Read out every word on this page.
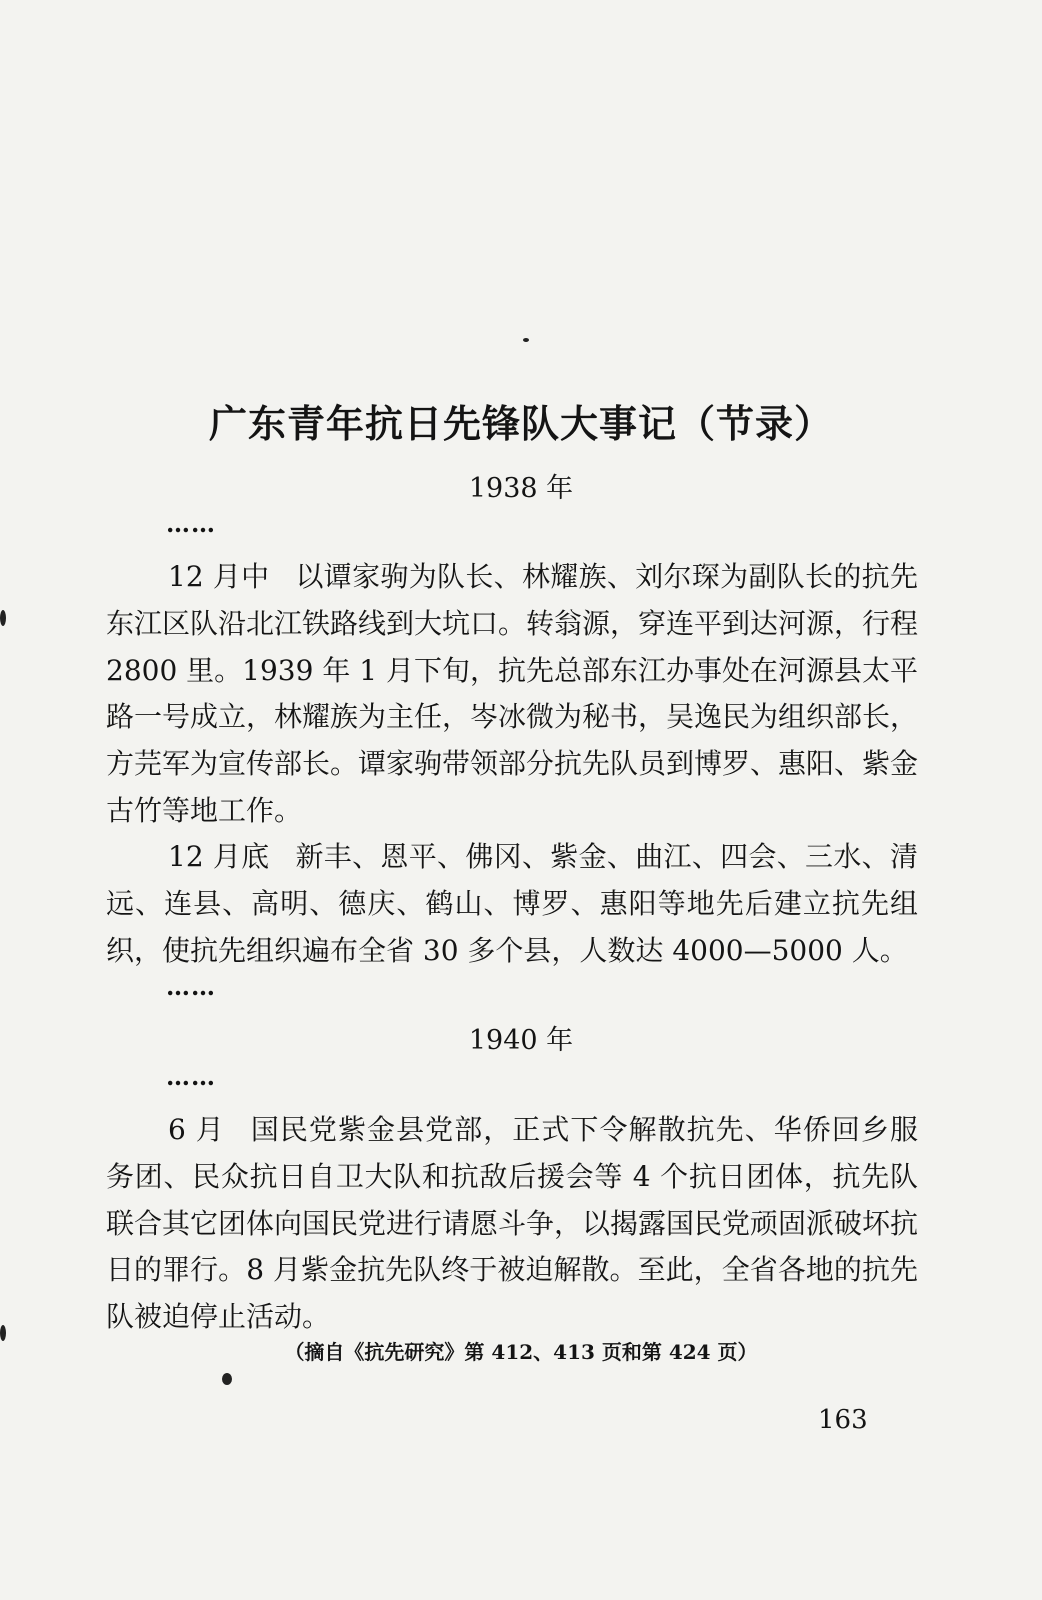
广东青年抗日先锋队大事记（节录）
1938 年
……

12 月中 以谭家驹为队长、林耀族、刘尔琛为副队长的抗先东江区队沿北江铁路线到大坑口。转翁源，穿连平到达河源，行程 2800 里。1939 年 1 月下旬，抗先总部东江办事处在河源县太平路一号成立，林耀族为主任，岑冰微为秘书，吴逸民为组织部长，方芫军为宣传部长。谭家驹带领部分抗先队员到博罗、惠阳、紫金古竹等地工作。

12 月底 新丰、恩平、佛冈、紫金、曲江、四会、三水、清远、连县、高明、德庆、鹤山、博罗、惠阳等地先后建立抗先组织，使抗先组织遍布全省 30 多个县，人数达 4000—5000 人。

……
1940 年
……

6 月 国民党紫金县党部，正式下令解散抗先、华侨回乡服务团、民众抗日自卫大队和抗敌后援会等 4 个抗日团体，抗先队联合其它团体向国民党进行请愿斗争，以揭露国民党顽固派破坏抗日的罪行。8 月紫金抗先队终于被迫解散。至此，全省各地的抗先队被迫停止活动。

（摘自《抗先研究》第 412、413 页和第 424 页）
163
